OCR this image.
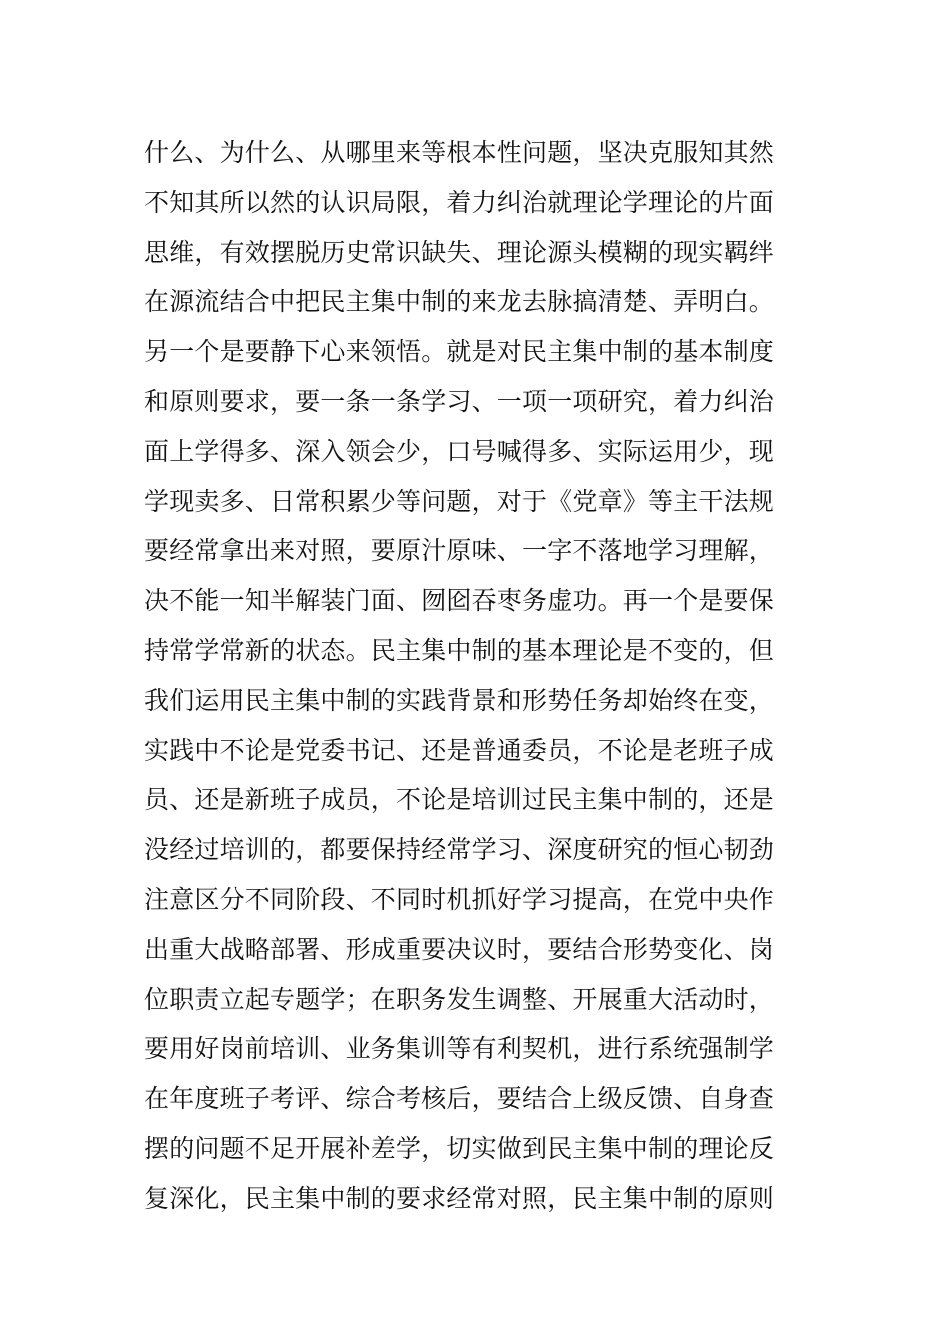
什么、为什么、从哪里来等根本性问题，坚决克服知其然
不知其所以然的认识局限，着力纠治就理论学理论的片面
思维，有效摆脱历史常识缺失、理论源头模糊的现实羁绊
在源流结合中把民主集中制的来龙去脉搞清楚、弄明白。
另一个是要静下心来领悟。就是对民主集中制的基本制度
和原则要求，要一条一条学习、一项一项研究，着力纠治
面上学得多、深入领会少，口号喊得多、实际运用少，现
学现卖多、日常积累少等问题，对于《党章》等主干法规
要经常拿出来对照，要原汁原味、一字不落地学习理解，
决不能一知半解装门面、囫囵吞枣务虚功。再一个是要保
持常学常新的状态。民主集中制的基本理论是不变的，但
我们运用民主集中制的实践背景和形势任务却始终在变，
实践中不论是党委书记、还是普通委员，不论是老班子成
员、还是新班子成员，不论是培训过民主集中制的，还是
没经过培训的，都要保持经常学习、深度研究的恒心韧劲
注意区分不同阶段、不同时机抓好学习提高，在党中央作
出重大战略部署、形成重要决议时，要结合形势变化、岗
位职责立起专题学；在职务发生调整、开展重大活动时，
要用好岗前培训、业务集训等有利契机，进行系统强制学
在年度班子考评、综合考核后，要结合上级反馈、自身查
摆的问题不足开展补差学，切实做到民主集中制的理论反
复深化，民主集中制的要求经常对照，民主集中制的原则
